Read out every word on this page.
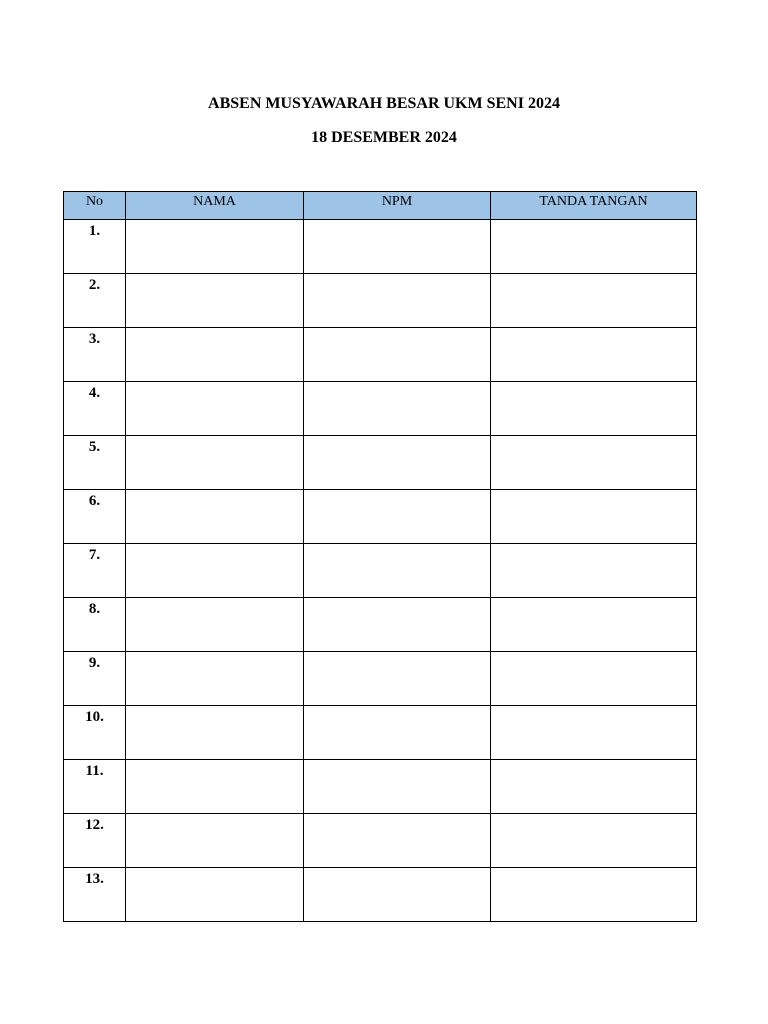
ABSEN MUSYAWARAH BESAR UKM SENI 2024
18 DESEMBER 2024
No	NAMA	NPM	TANDA TANGAN
1.			
2.			
3.			
4.			
5.			
6.			
7.			
8.			
9.			
10.			
11.			
12.			
13.			
